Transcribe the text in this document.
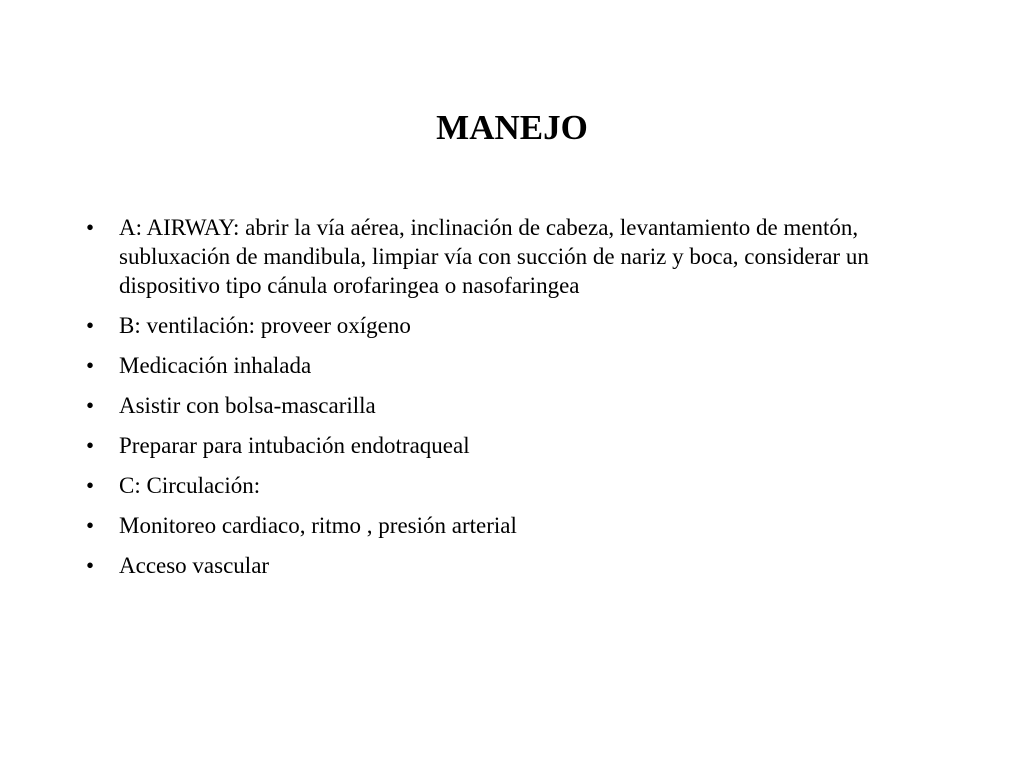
MANEJO
•	A: AIRWAY: abrir la vía aérea, inclinación de cabeza, levantamiento de mentón, subluxación de mandibula, limpiar vía con succión de nariz y boca, considerar un dispositivo tipo cánula orofaringea o nasofaringea
•	B: ventilación: proveer oxígeno
•	Medicación inhalada
•	Asistir con bolsa-mascarilla
•	Preparar para intubación endotraqueal
•	C: Circulación:
•	Monitoreo cardiaco, ritmo , presión arterial
•	Acceso vascular
